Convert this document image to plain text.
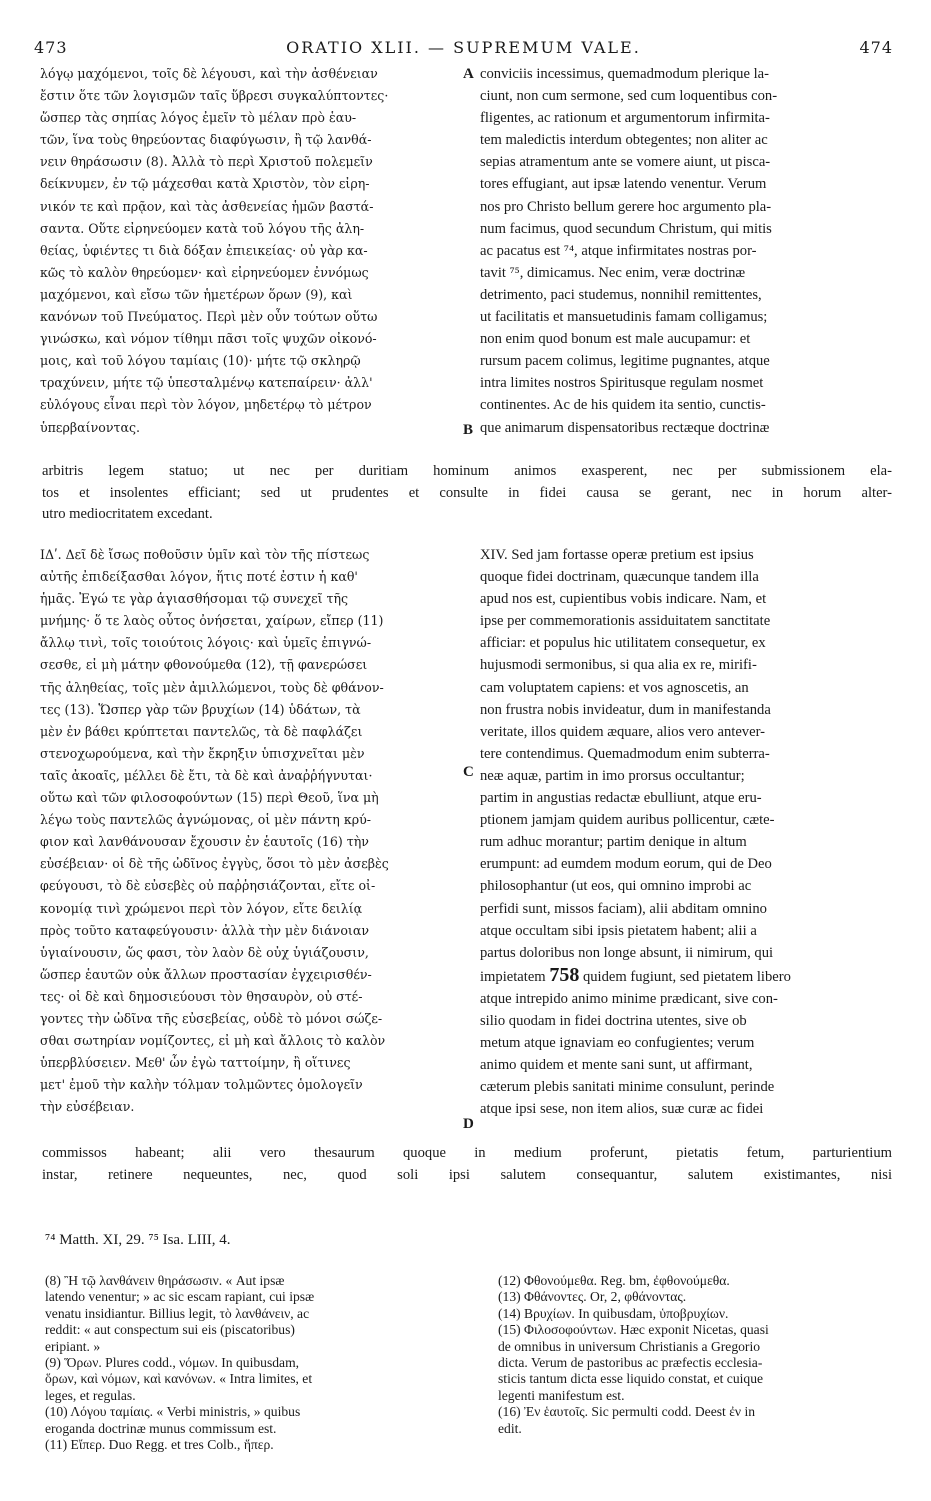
473	ORATIO XLII. — SUPREMUM VALE.	474
λόγῳ μαχόμενοι, τοῖς δὲ λέγουσι, καὶ τὴν ἀσθένειαν
ἔστιν ὅτε τῶν λογισμῶν ταῖς ὕβρεσι συγκαλύπτοντες·
ὥσπερ τὰς σηπίας λόγος ἐμεῖν τὸ μέλαν πρὸ ἑαυ-
τῶν, ἵνα τοὺς θηρεύοντας διαφύγωσιν, ἢ τῷ λανθά-
νειν θηράσωσιν (8). Ἀλλὰ τὸ περὶ Χριστοῦ πολεμεῖν
δείκνυμεν, ἐν τῷ μάχεσθαι κατὰ Χριστὸν, τὸν εἰρη-
νικόν τε καὶ πρᾷον, καὶ τὰς ἀσθενείας ἡμῶν βαστά-
σαντα. Οὕτε εἰρηνεύομεν κατὰ τοῦ λόγου τῆς ἀλη-
θείας, ὑφιέντες τι διὰ δόξαν ἐπιεικείας· οὐ γὰρ κα-
κῶς τὸ καλὸν θηρεύομεν· καὶ εἰρηνεύομεν ἐννόμως
μαχόμενοι, καὶ εἴσω τῶν ἡμετέρων ὅρων (9), καὶ
κανόνων τοῦ Πνεύματος. Περὶ μὲν οὖν τούτων οὕτω
γινώσκω, καὶ νόμον τίθημι πᾶσι τοῖς ψυχῶν οἰκονό-
μοις, καὶ τοῦ λόγου ταμίαις (10)· μήτε τῷ σκληρῷ
τραχύνειν, μήτε τῷ ὑπεσταλμένῳ κατεπαίρειν· ἀλλ'
εὐλόγους εἶναι περὶ τὸν λόγον, μηδετέρῳ τὸ μέτρον
ὑπερβαίνοντας.
conviciis incessimus, quemadmodum plerique la-
ciunt, non cum sermone, sed cum loquentibus con-
fligentes, ac rationum et argumentorum infirmita-
tem maledictis interdum obtegentes; non aliter ac
sepias atramentum ante se vomere aiunt, ut pisca-
tores effugiant, aut ipsæ latendo venentur. Verum
nos pro Christo bellum gerere hoc argumento pla-
num facimus, quod secundum Christum, qui mitis
ac pacatus est ⁷⁴, atque infirmitates nostras por-
tavit ⁷⁵, dimicamus. Nec enim, veræ doctrinæ
detrimento, paci studemus, nonnihil remittentes,
ut facilitatis et mansuetudinis famam colligamus;
non enim quod bonum est male aucupamur: et
rursum pacem colimus, legitime pugnantes, atque
intra limites nostros Spiritusque regulam nosmet
continentes. Ac de his quidem ita sentio, cunctis-
que animarum dispensatoribus rectæque doctrinæ
A
B
arbitris legem statuo; ut nec per duritiam hominum animos exasperent, nec per submissionem ela-
tos et insolentes efficiant; sed ut prudentes et consulte in fidei causa se gerant, nec in horum alter-
utro mediocritatem excedant.
ΙΔʹ. Δεῖ δὲ ἴσως ποθοῦσιν ὑμῖν καὶ τὸν τῆς πίστεως
αὐτῆς ἐπιδείξασθαι λόγον, ἥτις ποτέ ἐστιν ἡ καθ'
ἡμᾶς. Ἐγώ τε γὰρ ἁγιασθήσομαι τῷ συνεχεῖ τῆς
μνήμης· ὅ τε λαὸς οὗτος ὀνήσεται, χαίρων, εἴπερ (11)
ἄλλῳ τινὶ, τοῖς τοιούτοις λόγοις· καὶ ὑμεῖς ἐπιγνώ-
σεσθε, εἰ μὴ μάτην φθονούμεθα (12), τῇ φανερώσει
τῆς ἀληθείας, τοῖς μὲν ἀμιλλώμενοι, τοὺς δὲ φθάνον-
τες (13). Ὥσπερ γὰρ τῶν βρυχίων (14) ὑδάτων, τὰ
μὲν ἐν βάθει κρύπτεται παντελῶς, τὰ δὲ παφλάζει
στενοχωρούμενα, καὶ τὴν ἔκρηξιν ὑπισχνεῖται μὲν
ταῖς ἀκοαῖς, μέλλει δὲ ἔτι, τὰ δὲ καὶ ἀναῤῥήγνυται·
οὕτω καὶ τῶν φιλοσοφούντων (15) περὶ Θεοῦ, ἵνα μὴ
λέγω τοὺς παντελῶς ἀγνώμονας, οἱ μὲν πάντη κρύ-
φιον καὶ λανθάνουσαν ἔχουσιν ἐν ἑαυτοῖς (16) τὴν
εὐσέβειαν· οἱ δὲ τῆς ὠδῖνος ἐγγὺς, ὅσοι τὸ μὲν ἀσεβὲς
φεύγουσι, τὸ δὲ εὐσεβὲς οὐ παῤῥησιάζονται, εἴτε οἰ-
κονομίᾳ τινὶ χρώμενοι περὶ τὸν λόγον, εἴτε δειλίᾳ
πρὸς τοῦτο καταφεύγουσιν· ἀλλὰ τὴν μὲν διάνοιαν
ὑγιαίνουσιν, ὥς φασι, τὸν λαὸν δὲ οὐχ ὑγιάζουσιν,
ὥσπερ ἑαυτῶν οὐκ ἄλλων προστασίαν ἐγχειρισθέν-
τες· οἱ δὲ καὶ δημοσιεύουσι τὸν θησαυρὸν, οὐ στέ-
γοντες τὴν ὠδῖνα τῆς εὐσεβείας, οὐδὲ τὸ μόνοι σώζε-
σθαι σωτηρίαν νομίζοντες, εἰ μὴ καὶ ἄλλοις τὸ καλὸν
ὑπερβλύσειεν. Μεθ' ὧν ἐγὼ ταττοίμην, ἢ οἵτινες
μετ' ἐμοῦ τὴν καλὴν τόλμαν τολμῶντες ὁμολογεῖν
τὴν εὐσέβειαν.
XIV. Sed jam fortasse operæ pretium est ipsius
quoque fidei doctrinam, quæcunque tandem illa
apud nos est, cupientibus vobis indicare. Nam, et
ipse per commemorationis assiduitatem sanctitate
afficiar: et populus hic utilitatem consequetur, ex
hujusmodi sermonibus, si qua alia ex re, mirifi-
cam voluptatem capiens: et vos agnoscetis, an
non frustra nobis invideatur, dum in manifestanda
veritate, illos quidem æquare, alios vero antever-
tere contendimus. Quemadmodum enim subterra-
neæ aquæ, partim in imo prorsus occultantur;
partim in angustias redactæ ebulliunt, atque eru-
ptionem jamjam quidem auribus pollicentur, cæte-
rum adhuc morantur; partim denique in altum
erumpunt: ad eumdem modum eorum, qui de Deo
philosophantur (ut eos, qui omnino improbi ac
perfidi sunt, missos faciam), alii abditam omnino
atque occultam sibi ipsis pietatem habent; alii a
partus doloribus non longe absunt, ii nimirum, qui
impietatem 758 quidem fugiunt, sed pietatem libero
atque intrepido animo minime prædicant, sive con-
silio quodam in fidei doctrina utentes, sive ob
metum atque ignaviam eo confugientes; verum
animo quidem et mente sani sunt, ut affirmant,
cæterum plebis sanitati minime consulunt, perinde
atque ipsi sese, non item alios, suæ curæ ac fidei
C
D
commissos habeant; alii vero thesaurum quoque in medium proferunt, pietatis fetum, parturientium
instar, retinere nequeuntes, nec, quod soli ipsi salutem consequantur, salutem existimantes, nisi
⁷⁴ Matth. XI, 29. ⁷⁵ Isa. LIII, 4.
(8) Ἢ τῷ λανθάνειν θηράσωσιν. « Aut ipsæ
latendo venentur; » ac sic escam rapiant, cui ipsæ
venatu insidiantur. Billius legit, τὸ λανθάνειν, ac
reddit: « aut conspectum sui eis (piscatoribus)
eripiant. »
(9) Ὅρων. Plures codd., νόμων. In quibusdam,
ὅρων, καὶ νόμων, καὶ κανόνων. « Intra limites, et
leges, et regulas.
(10) Λόγου ταμίαις. « Verbi ministris, » quibus
eroganda doctrinæ munus commissum est.
(11) Εἴπερ. Duo Regg. et tres Colb., ἥπερ.
(12) Φθονούμεθα. Reg. bm, ἐφθονούμεθα.
(13) Φθάνοντες. Or, 2, φθάνοντας.
(14) Βρυχίων. In quibusdam, ὑποβρυχίων.
(15) Φιλοσοφούντων. Hæc exponit Nicetas, quasi
de omnibus in universum Christianis a Gregorio
dicta. Verum de pastoribus ac præfectis ecclesia-
sticis tantum dicta esse liquido constat, et cuique
legenti manifestum est.
(16) Ἐν ἑαυτοῖς. Sic permulti codd. Deest ἐν in
edit.
